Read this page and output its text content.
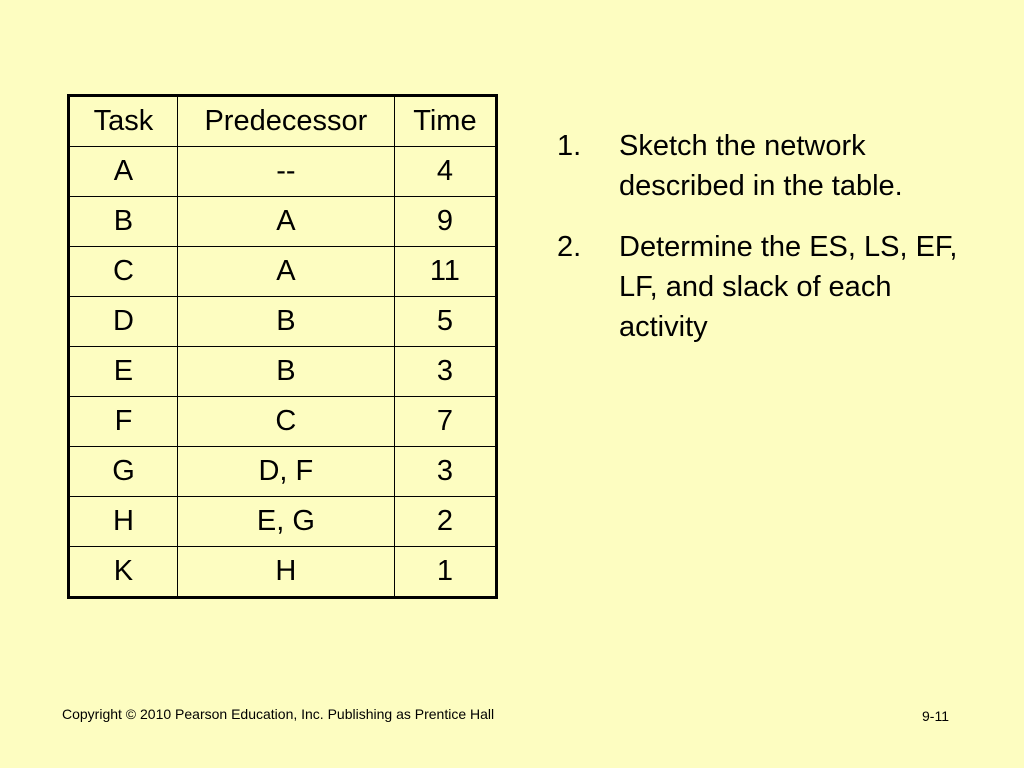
Task	Predecessor	Time
A	--	4
B	A	9
C	A	11
D	B	5
E	B	3
F	C	7
G	D, F	3
H	E, G	2
K	H	1
1. Sketch the network described in the table.
2. Determine the ES, LS, EF, LF, and slack of each activity
Copyright © 2010 Pearson Education, Inc. Publishing as Prentice Hall	9-11
